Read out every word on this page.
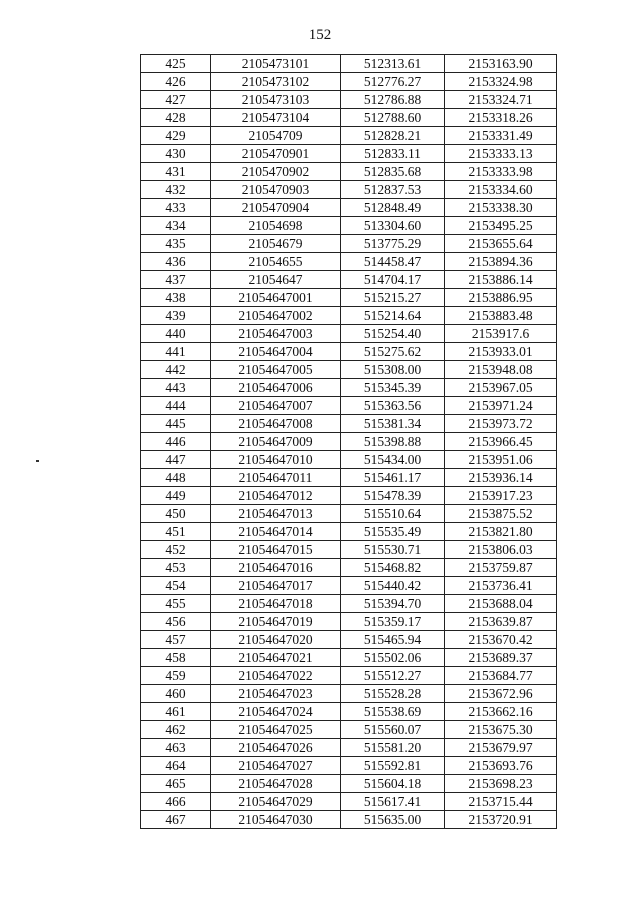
152
425	2105473101	512313.61	2153163.90
426	2105473102	512776.27	2153324.98
427	2105473103	512786.88	2153324.71
428	2105473104	512788.60	2153318.26
429	21054709	512828.21	2153331.49
430	2105470901	512833.11	2153333.13
431	2105470902	512835.68	2153333.98
432	2105470903	512837.53	2153334.60
433	2105470904	512848.49	2153338.30
434	21054698	513304.60	2153495.25
435	21054679	513775.29	2153655.64
436	21054655	514458.47	2153894.36
437	21054647	514704.17	2153886.14
438	21054647001	515215.27	2153886.95
439	21054647002	515214.64	2153883.48
440	21054647003	515254.40	2153917.6
441	21054647004	515275.62	2153933.01
442	21054647005	515308.00	2153948.08
443	21054647006	515345.39	2153967.05
444	21054647007	515363.56	2153971.24
445	21054647008	515381.34	2153973.72
446	21054647009	515398.88	2153966.45
447	21054647010	515434.00	2153951.06
448	21054647011	515461.17	2153936.14
449	21054647012	515478.39	2153917.23
450	21054647013	515510.64	2153875.52
451	21054647014	515535.49	2153821.80
452	21054647015	515530.71	2153806.03
453	21054647016	515468.82	2153759.87
454	21054647017	515440.42	2153736.41
455	21054647018	515394.70	2153688.04
456	21054647019	515359.17	2153639.87
457	21054647020	515465.94	2153670.42
458	21054647021	515502.06	2153689.37
459	21054647022	515512.27	2153684.77
460	21054647023	515528.28	2153672.96
461	21054647024	515538.69	2153662.16
462	21054647025	515560.07	2153675.30
463	21054647026	515581.20	2153679.97
464	21054647027	515592.81	2153693.76
465	21054647028	515604.18	2153698.23
466	21054647029	515617.41	2153715.44
467	21054647030	515635.00	2153720.91
